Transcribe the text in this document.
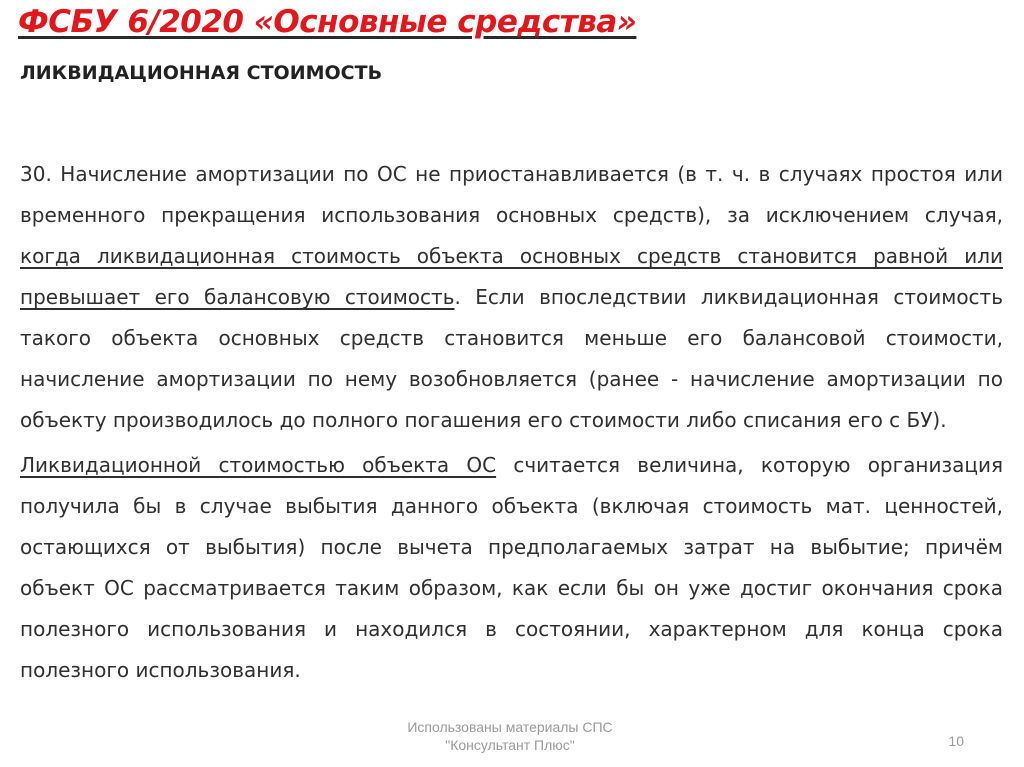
ФСБУ 6/2020 «Основные средства»
ЛИКВИДАЦИОННАЯ СТОИМОСТЬ

30. Начисление амортизации по ОС не приостанавливается (в т. ч. в случаях простоя или временного прекращения использования основных средств), за исключением случая, когда ликвидационная стоимость объекта основных средств становится равной или превышает его балансовую стоимость. Если впоследствии ликвидационная стоимость такого объекта основных средств становится меньше его балансовой стоимости, начисление амортизации по нему возобновляется (ранее - начисление амортизации по объекту производилось до полного погашения его стоимости либо списания его с БУ).

Ликвидационной стоимостью объекта ОС считается величина, которую организация получила бы в случае выбытия данного объекта (включая стоимость мат. ценностей, остающихся от выбытия) после вычета предполагаемых затрат на выбытие; причём объект ОС рассматривается таким образом, как если бы он уже достиг окончания срока полезного использования и находился в состоянии, характерном для конца срока полезного использования.

Использованы материалы СПС
"Консультант Плюс"	10
